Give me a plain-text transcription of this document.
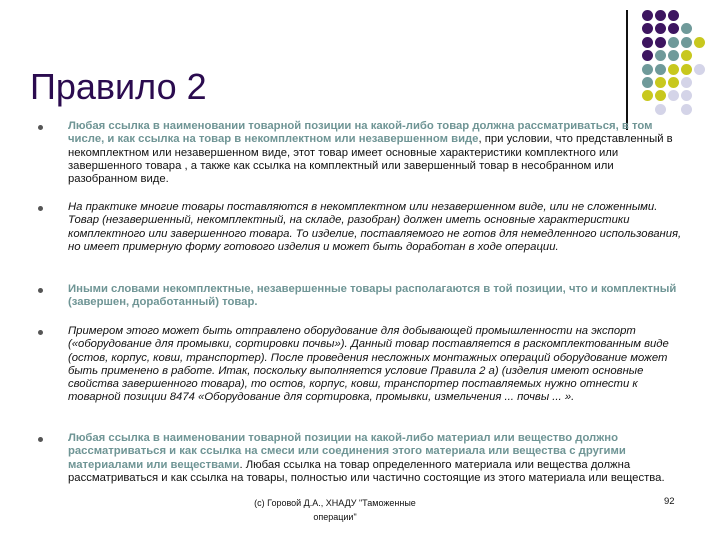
Правило 2
Любая ссылка в наименовании товарной позиции на какой-либо товар должна рассматриваться, в том числе, и как ссылка на товар в некомплектном или незавершенном виде, при условии, что представленный в некомплектном или незавершенном виде, этот товар имеет основные характеристики комплектного или завершенного товара , а также как ссылка на комплектный или завершенный товар в несобранном или разобранном виде.
На практике многие товары поставляются в некомплектном или незавершенном виде, или не сложенными. Товар (незавершенный, некомплектный, на складе, разобран) должен иметь основные характеристики комплектного или завершенного товара. То изделие, поставляемого не готов для немедленного использования, но имеет примерную форму готового изделия и может быть доработан в ходе операции.
Иными словами некомплектные, незавершенные товары располагаются в той позиции, что и комплектный (завершен, доработанный) товар.
Примером этого может быть отправлено оборудование для добывающей промышленности на экспорт («оборудование для промывки, сортировки почвы»). Данный товар поставляется в раскомплектованным виде (остов, корпус, ковш, транспортер). После проведения несложных монтажных операций оборудование может быть применено в работе. Итак, поскольку выполняется условие Правила 2 а) (изделия имеют основные свойства завершенного товара), то остов, корпус, ковш, транспортер поставляемых нужно отнести к товарной позиции 8474 «Оборудование для сортировка, промывки, измельчения ... почвы ... ».
Любая ссылка в наименовании товарной позиции на какой-либо материал или вещество должно рассматриваться и как ссылка на смеси или соединения этого материала или вещества с другими материалами или веществами. Любая ссылка на товар определенного материала или вещества должна рассматриваться и как ссылка на товары, полностью или частично состоящие из этого материала или вещества.
(с) Горовой Д.А., ХНАДУ "Таможенные операции"
92
